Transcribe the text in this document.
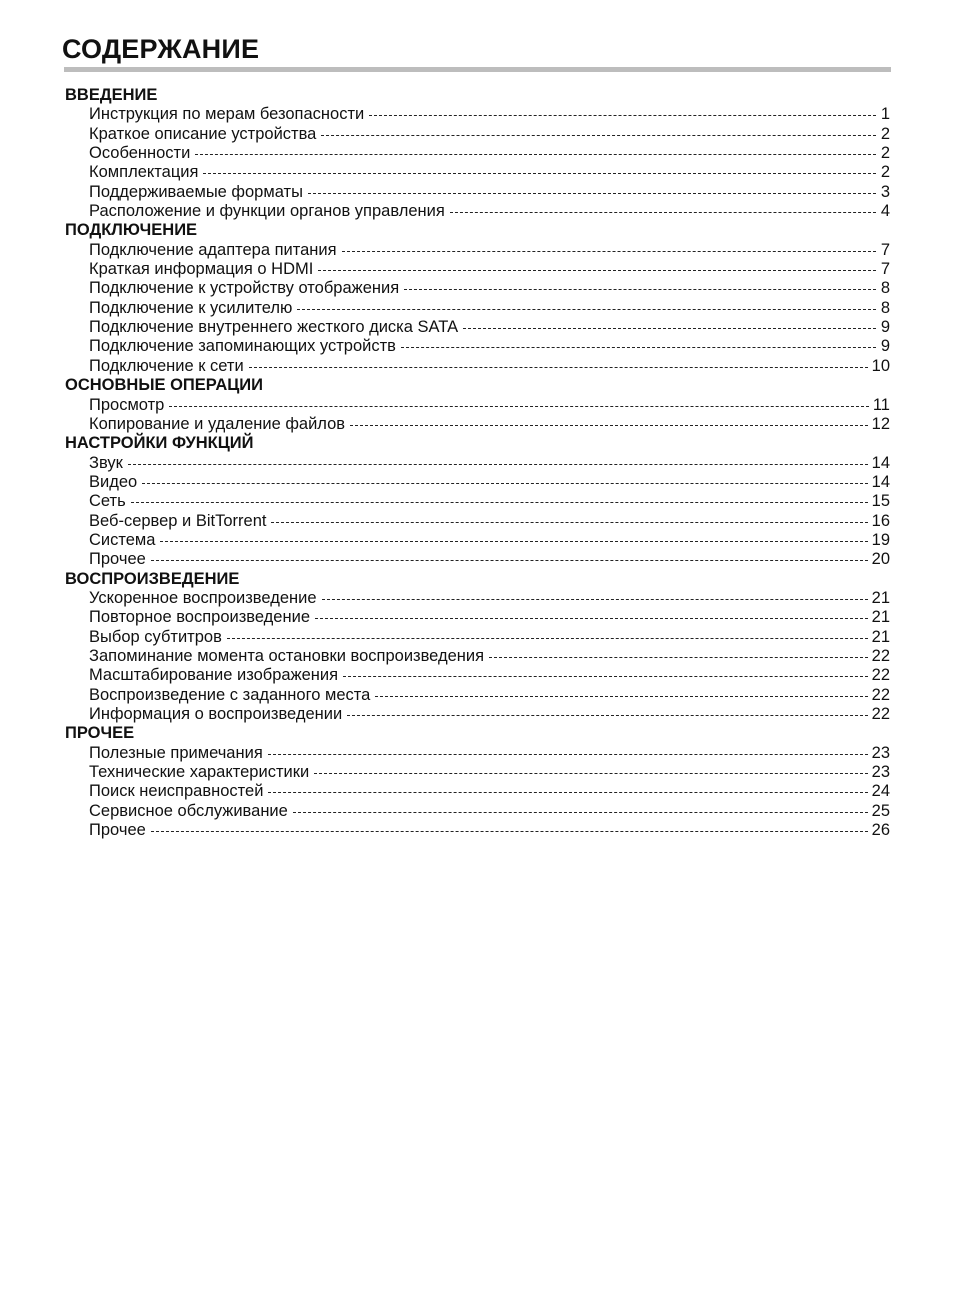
СОДЕРЖАНИЕ
ВВЕДЕНИЕ
Инструкция по мерам безопасности	1
Краткое описание устройства	2
Особенности	2
Комплектация	2
Поддерживаемые форматы	3
Расположение и функции органов управления	4
ПОДКЛЮЧЕНИЕ
Подключение адаптера питания	7
Краткая информация о HDMI	7
Подключение к устройству отображения	8
Подключение к усилителю	8
Подключение внутреннего жесткого диска SATA	9
Подключение запоминающих устройств	9
Подключение к сети	10
ОСНОВНЫЕ ОПЕРАЦИИ
Просмотр	11
Копирование и удаление файлов	12
НАСТРОЙКИ ФУНКЦИЙ
Звук	14
Видео	14
Сеть	15
Веб-сервер и BitTorrent	16
Система	19
Прочее	20
ВОСПРОИЗВЕДЕНИЕ
Ускоренное воспроизведение	21
Повторное воспроизведение	21
Выбор субтитров	21
Запоминание момента остановки воспроизведения	22
Масштабирование изображения	22
Воспроизведение с заданного места	22
Информация о воспроизведении	22
ПРОЧЕЕ
Полезные примечания	23
Технические характеристики	23
Поиск неисправностей	24
Сервисное обслуживание	25
Прочее	26
